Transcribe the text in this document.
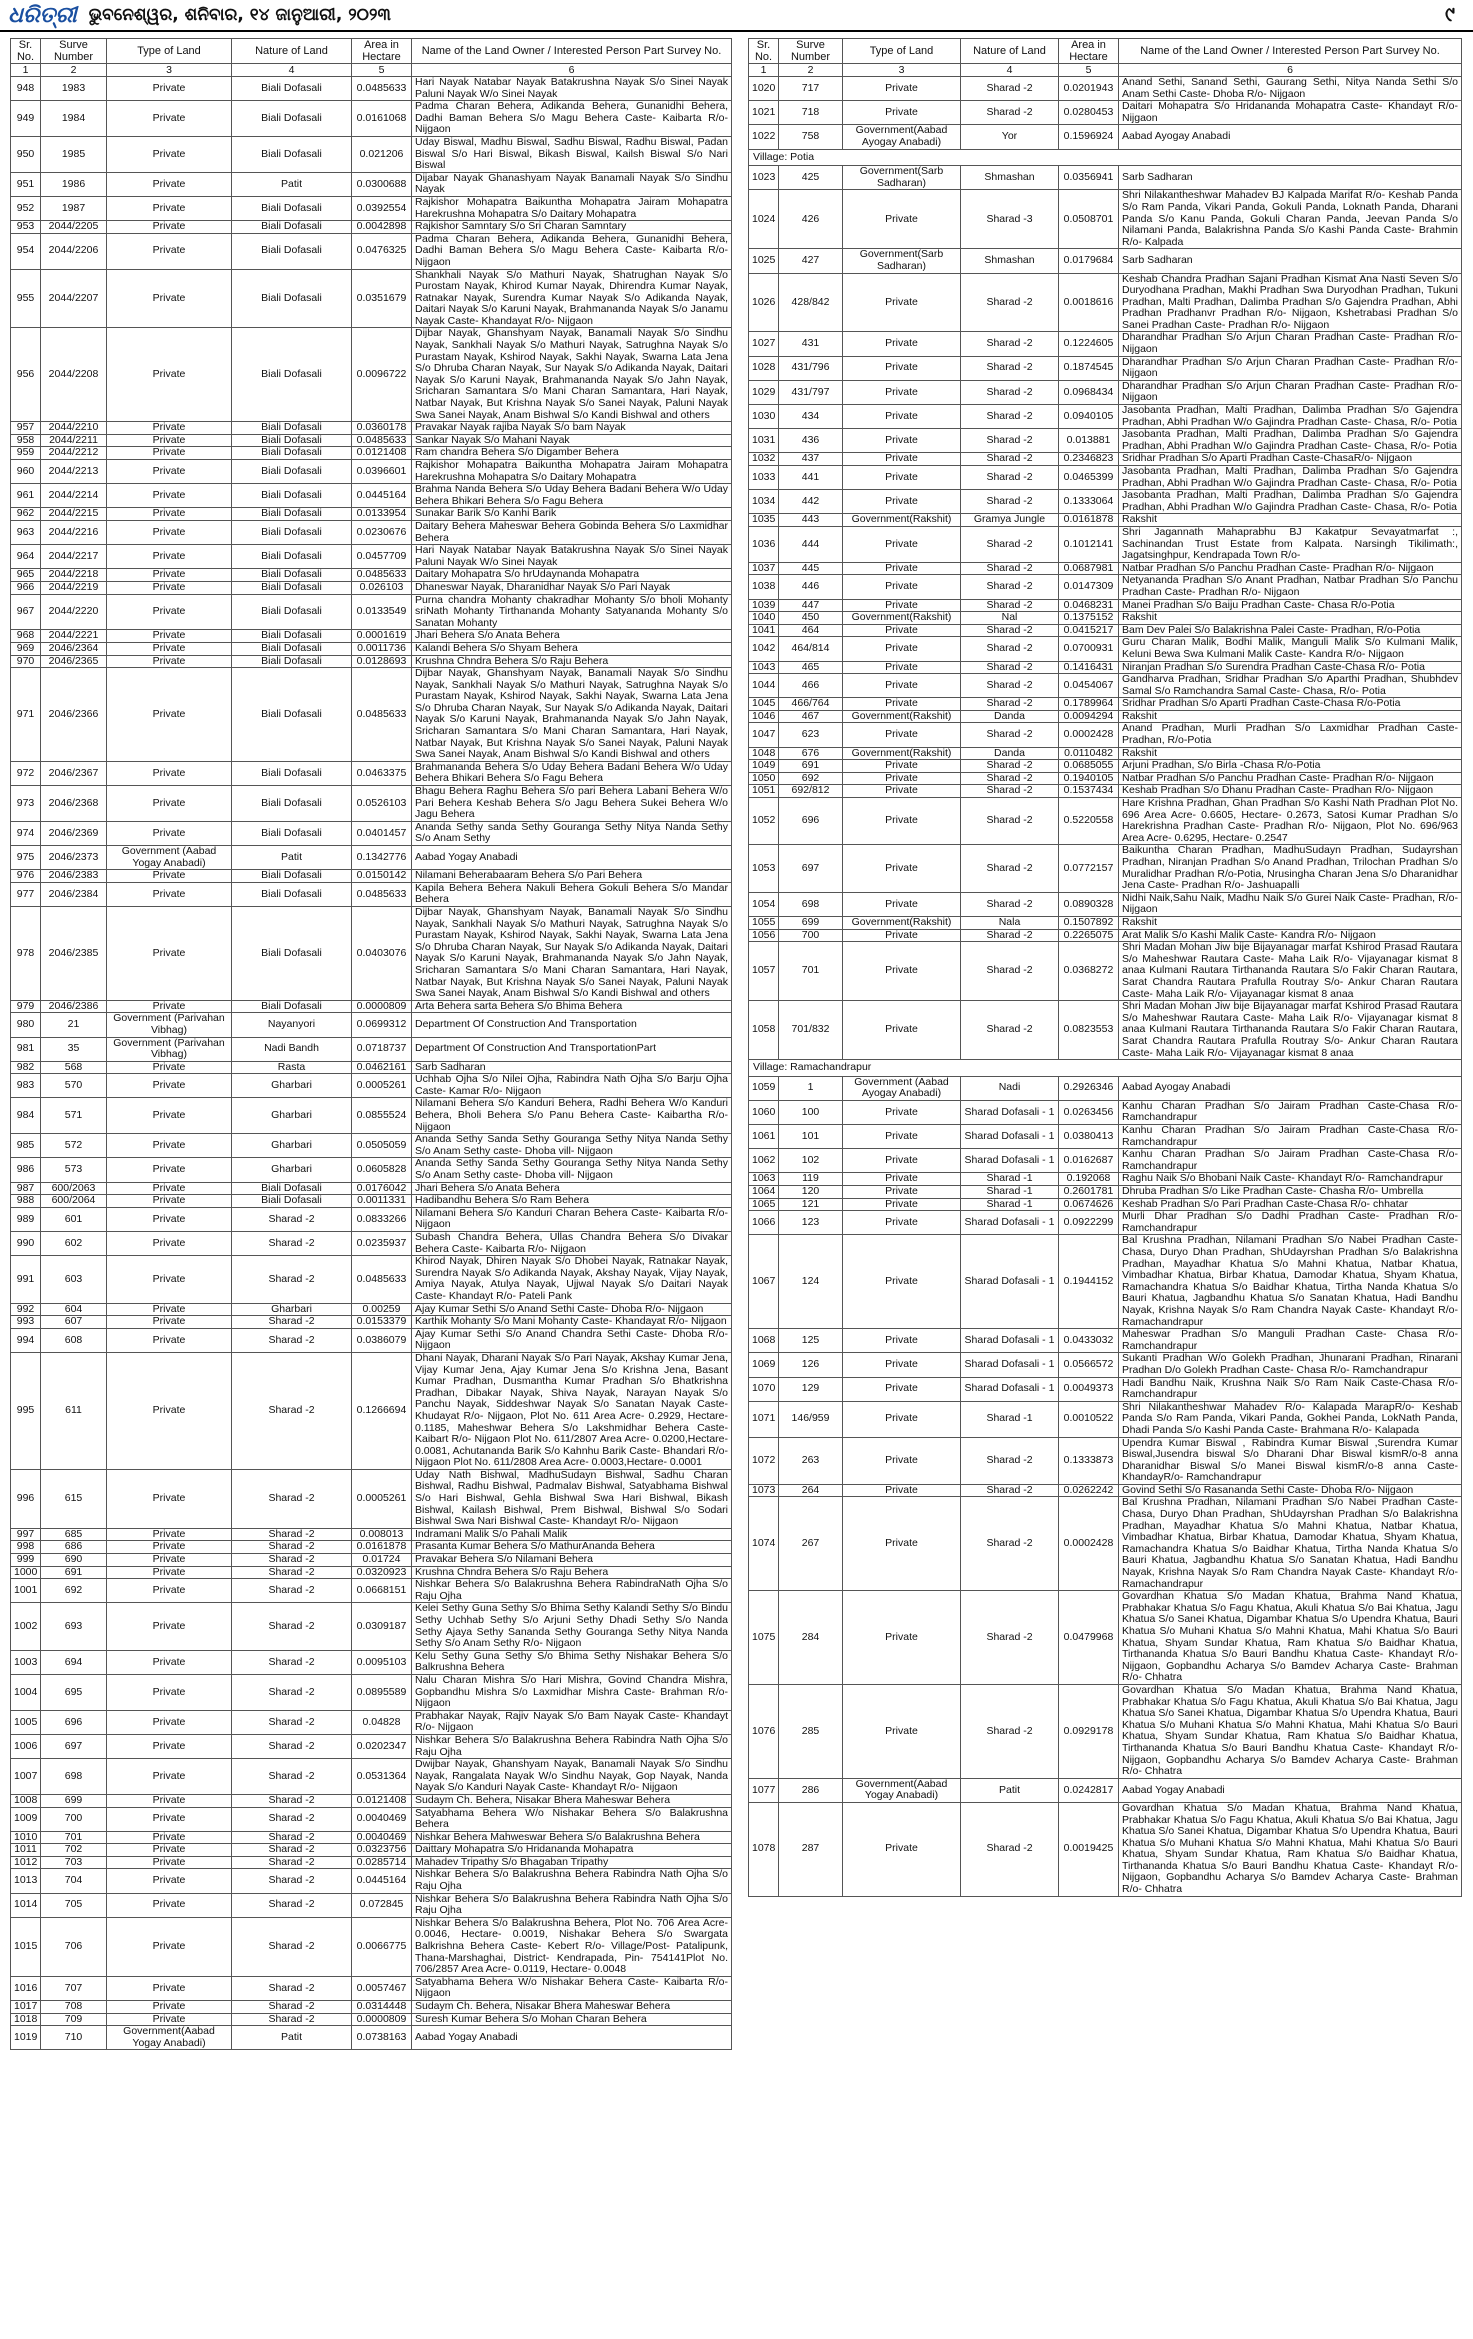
ଧରିତ୍ରୀ ଭୁବନେଶ୍ୱର, ଶନିବାର, ୧୪ ଜାନୁଆରୀ, ୨୦୨୩	୯
Sr. No.	Surve Number	Type of Land	Nature of Land	Area in Hectare	Name of the Land Owner / Interested Person Part Survey No.
1	2	3	4	5	6
948	1983	Private	Biali Dofasali	0.0485633	Hari Nayak Natabar Nayak Batakrushna Nayak S/o Sinei Nayak Paluni Nayak W/o Sinei Nayak
949	1984	Private	Biali Dofasali	0.0161068	Padma Charan Behera, Adikanda Behera, Gunanidhi Behera, Dadhi Baman Behera S/o Magu Behera Caste- Kaibarta R/o- Nijgaon
950	1985	Private	Biali Dofasali	0.021206	Uday Biswal, Madhu Biswal, Sadhu Biswal, Radhu Biswal, Padan Biswal S/o Hari Biswal, Bikash Biswal, Kailsh Biswal S/o Nari Biswal
951	1986	Private	Patit	0.0300688	Dijabar Nayak Ghanashyam Nayak Banamali Nayak S/o Sindhu Nayak
952	1987	Private	Biali Dofasali	0.0392554	Rajkishor Mohapatra Baikuntha Mohapatra Jairam Mohapatra Harekrushna Mohapatra S/o Daitary Mohapatra
953	2044/2205	Private	Biali Dofasali	0.0042898	Rajkishor Samntary S/o Sri Charan Samntary
954	2044/2206	Private	Biali Dofasali	0.0476325	Padma Charan Behera, Adikanda Behera, Gunanidhi Behera, Dadhi Baman Behera S/o Magu Behera Caste- Kaibarta R/o- Nijgaon
955	2044/2207	Private	Biali Dofasali	0.0351679	Shankhali Nayak S/o Mathuri Nayak, Shatrughan Nayak S/o Purostam Nayak, Khirod Kumar Nayak, Dhirendra Kumar Nayak, Ratnakar Nayak, Surendra Kumar Nayak S/o Adikanda Nayak, Daitari Nayak S/o Karuni Nayak, Brahmananda Nayak S/o Janamu Nayak Caste- Khandayat R/o- Nijgaon
956	2044/2208	Private	Biali Dofasali	0.0096722	Dijbar Nayak, Ghanshyam Nayak, Banamali Nayak S/o Sindhu Nayak, Sankhali Nayak S/o Mathuri Nayak, Satrughna Nayak S/o Purastam Nayak, Kshirod Nayak, Sakhi Nayak, Swarna Lata Jena S/o Dhruba Charan Nayak, Sur Nayak S/o Adikanda Nayak, Daitari Nayak S/o Karuni Nayak, Brahmananda Nayak S/o Jahn Nayak, Sricharan Samantara S/o Mani Charan Samantara, Hari Nayak, Natbar Nayak, But Krishna Nayak S/o Sanei Nayak, Paluni Nayak Swa Sanei Nayak, Anam Bishwal S/o Kandi Bishwal and others
957	2044/2210	Private	Biali Dofasali	0.0360178	Pravakar Nayak rajiba Nayak S/o bam Nayak
958	2044/2211	Private	Biali Dofasali	0.0485633	Sankar Nayak S/o Mahani Nayak
959	2044/2212	Private	Biali Dofasali	0.0121408	Ram chandra Behera S/o Digamber Behera
960	2044/2213	Private	Biali Dofasali	0.0396601	Rajkishor Mohapatra Baikuntha Mohapatra Jairam Mohapatra Harekrushna Mohapatra S/o Daitary Mohapatra
961	2044/2214	Private	Biali Dofasali	0.0445164	Brahma Nanda Behera S/o Uday Behera Badani Behera W/o Uday Behera Bhikari Behera S/o Fagu Behera
962	2044/2215	Private	Biali Dofasali	0.0133954	Sunakar Barik S/o Kanhi Barik
963	2044/2216	Private	Biali Dofasali	0.0230676	Daitary Behera Maheswar Behera Gobinda Behera S/o Laxmidhar Behera
964	2044/2217	Private	Biali Dofasali	0.0457709	Hari Nayak Natabar Nayak Batakrushna Nayak S/o Sinei Nayak Paluni Nayak W/o Sinei Nayak
965	2044/2218	Private	Biali Dofasali	0.0485633	Daitary Mohapatra S/o hrUdaynanda Mohapatra
966	2044/2219	Private	Biali Dofasali	0.026103	Dhaneswar Nayak, Dharanidhar Nayak S/o Pari Nayak
967	2044/2220	Private	Biali Dofasali	0.0133549	Purna chandra Mohanty chakradhar Mohanty S/o bholi Mohanty sriNath Mohanty Tirthananda Mohanty Satyananda Mohanty S/o Sanatan Mohanty
968	2044/2221	Private	Biali Dofasali	0.0001619	Jhari Behera S/o Anata Behera
969	2046/2364	Private	Biali Dofasali	0.0011736	Kalandi Behera S/o Shyam Behera
970	2046/2365	Private	Biali Dofasali	0.0128693	Krushna Chndra Behera S/o Raju Behera
971	2046/2366	Private	Biali Dofasali	0.0485633	Dijbar Nayak, Ghanshyam Nayak, Banamali Nayak S/o Sindhu Nayak, Sankhali Nayak S/o Mathuri Nayak, Satrughna Nayak S/o Purastam Nayak, Kshirod Nayak, Sakhi Nayak, Swarna Lata Jena S/o Dhruba Charan Nayak, Sur Nayak S/o Adikanda Nayak, Daitari Nayak S/o Karuni Nayak, Brahmananda Nayak S/o Jahn Nayak, Sricharan Samantara S/o Mani Charan Samantara, Hari Nayak, Natbar Nayak, But Krishna Nayak S/o Sanei Nayak, Paluni Nayak Swa Sanei Nayak, Anam Bishwal S/o Kandi Bishwal and others
972	2046/2367	Private	Biali Dofasali	0.0463375	Brahmananda Behera S/o Uday Behera Badani Behera W/o Uday Behera Bhikari Behera S/o Fagu Behera
973	2046/2368	Private	Biali Dofasali	0.0526103	Bhagu Behera Raghu Behera S/o pari Behera Labani Behera W/o Pari Behera Keshab Behera S/o Jagu Behera Sukei Behera W/o Jagu Behera
974	2046/2369	Private	Biali Dofasali	0.0401457	Ananda Sethy sanda Sethy Gouranga Sethy Nitya Nanda Sethy S/o Anam Sethy
975	2046/2373	Government (Aabad Yogay Anabadi)	Patit	0.1342776	Aabad Yogay Anabadi
976	2046/2383	Private	Biali Dofasali	0.0150142	Nilamani Beherabaaram Behera S/o Pari Behera
977	2046/2384	Private	Biali Dofasali	0.0485633	Kapila Behera Behera Nakuli Behera Gokuli Behera S/o Mandar Behera
978	2046/2385	Private	Biali Dofasali	0.0403076	Dijbar Nayak, Ghanshyam Nayak, Banamali Nayak S/o Sindhu Nayak, Sankhali Nayak S/o Mathuri Nayak, Satrughna Nayak S/o Purastam Nayak, Kshirod Nayak, Sakhi Nayak, Swarna Lata Jena S/o Dhruba Charan Nayak, Sur Nayak S/o Adikanda Nayak, Daitari Nayak S/o Karuni Nayak, Brahmananda Nayak S/o Jahn Nayak, Sricharan Samantara S/o Mani Charan Samantara, Hari Nayak, Natbar Nayak, But Krishna Nayak S/o Sanei Nayak, Paluni Nayak Swa Sanei Nayak, Anam Bishwal S/o Kandi Bishwal and others
979	2046/2386	Private	Biali Dofasali	0.0000809	Arta Behera sarta Behera S/o Bhima Behera
980	21	Government (Parivahan Vibhag)	Nayanyori	0.0699312	Department Of Construction And Transportation
981	35	Government (Parivahan Vibhag)	Nadi Bandh	0.0718737	Department Of Construction And TransportationPart
982	568	Private	Rasta	0.0462161	Sarb Sadharan
983	570	Private	Gharbari	0.0005261	Uchhab Ojha S/o Nilei Ojha, Rabindra Nath Ojha S/o Barju Ojha Caste- Kamar R/o- Nijgaon
984	571	Private	Gharbari	0.0855524	Nilamani Behera S/o Kanduri Behera, Radhi Behera W/o Kanduri Behera, Bholi Behera S/o Panu Behera Caste- Kaibartha R/o- Nijgaon
985	572	Private	Gharbari	0.0505059	Ananda Sethy Sanda Sethy Gouranga Sethy Nitya Nanda Sethy S/o Anam Sethy caste- Dhoba vill- Nijgaon
986	573	Private	Gharbari	0.0605828	Ananda Sethy Sanda Sethy Gouranga Sethy Nitya Nanda Sethy S/o Anam Sethy caste- Dhoba vill- Nijgaon
987	600/2063	Private	Biali Dofasali	0.0176042	Jhari Behera S/o Anata Behera
988	600/2064	Private	Biali Dofasali	0.0011331	Hadibandhu Behera S/o Ram Behera
989	601	Private	Sharad -2	0.0833266	Nilamani Behera S/o Kanduri Charan Behera Caste- Kaibarta R/o- Nijgaon
990	602	Private	Sharad -2	0.0235937	Subash Chandra Behera, Ullas Chandra Behera S/o Divakar Behera Caste- Kaibarta R/o- Nijgaon
991	603	Private	Sharad -2	0.0485633	Khirod Nayak, Dhiren Nayak S/o Dhobei Nayak, Ratnakar Nayak, Surendra Nayak S/o Adikanda Nayak, Akshay Nayak, Vijay Nayak, Amiya Nayak, Atulya Nayak, Ujjwal Nayak S/o Daitari Nayak Caste- Khandayt R/o- Pateli Pank
992	604	Private	Gharbari	0.00259	Ajay Kumar Sethi S/o Anand Sethi Caste- Dhoba R/o- Nijgaon
993	607	Private	Sharad -2	0.0153379	Karthik Mohanty S/o Mani Mohanty Caste- Khandayat R/o- Nijgaon
994	608	Private	Sharad -2	0.0386079	Ajay Kumar Sethi S/o Anand Chandra Sethi Caste- Dhoba R/o- Nijgaon
995	611	Private	Sharad -2	0.1266694	Dhani Nayak, Dharani Nayak S/o Pari Nayak, Akshay Kumar Jena, Vijay Kumar Jena, Ajay Kumar Jena S/o Krishna Jena, Basant Kumar Pradhan, Dusmantha Kumar Pradhan S/o Bhatkrishna Pradhan, Dibakar Nayak, Shiva Nayak, Narayan Nayak S/o Panchu Nayak, Siddeshwar Nayak S/o Sanatan Nayak Caste- Khudayat R/o- Nijgaon, Plot No. 611 Area Acre- 0.2929, Hectare- 0.1185, Maheshwar Behera S/o Lakshmidhar Behera Caste- Kaibart R/o- Nijgaon Plot No. 611/2807 Area Acre- 0.0200,Hectare- 0.0081, Achutananda Barik S/o Kahnhu Barik Caste- Bhandari R/o- Nijgaon Plot No. 611/2808 Area Acre- 0.0003,Hectare- 0.0001
996	615	Private	Sharad -2	0.0005261	Uday Nath Bishwal, MadhuSudayn Bishwal, Sadhu Charan Bishwal, Radhu Bishwal, Padmalav Bishwal, Satyabhama Bishwal S/o Hari Bishwal, Gehla Bishwal Swa Hari Bishwal, Bikash Bishwal, Kailash Bishwal, Prem Bishwal, Bishwal S/o Sodari Bishwal Swa Nari Bishwal Caste- Khandayt R/o- Nijgaon
997	685	Private	Sharad -2	0.008013	Indramani Malik S/o Pahali Malik
998	686	Private	Sharad -2	0.0161878	Prasanta Kumar Behera S/o MathurAnanda Behera
999	690	Private	Sharad -2	0.01724	Pravakar Behera S/o Nilamani Behera
1000	691	Private	Sharad -2	0.0320923	Krushna Chndra Behera S/o Raju Behera
1001	692	Private	Sharad -2	0.0668151	Nishkar Behera S/o Balakrushna Behera RabindraNath Ojha S/o Raju Ojha
1002	693	Private	Sharad -2	0.0309187	Kelei Sethy Guna Sethy S/o Bhima Sethy Kalandi Sethy S/o Bindu Sethy Uchhab Sethy S/o Arjuni Sethy Dhadi Sethy S/o Nanda Sethy Ajaya Sethy Sananda Sethy Gouranga Sethy Nitya Nanda Sethy S/o Anam Sethy R/o- Nijgaon
1003	694	Private	Sharad -2	0.0095103	Kelu Sethy Guna Sethy S/o Bhima Sethy Nishakar Behera S/o Balkrushna Behera
1004	695	Private	Sharad -2	0.0895589	Nalu Charan Mishra S/o Hari Mishra, Govind Chandra Mishra, Gopbandhu Mishra S/o Laxmidhar Mishra Caste- Brahman R/o- Nijgaon
1005	696	Private	Sharad -2	0.04828	Prabhakar Nayak, Rajiv Nayak S/o Bam Nayak Caste- Khandayt R/o- Nijgaon
1006	697	Private	Sharad -2	0.0202347	Nishkar Behera S/o Balakrushna Behera Rabindra Nath Ojha S/o Raju Ojha
1007	698	Private	Sharad -2	0.0531364	Dwijbar Nayak, Ghanshyam Nayak, Banamali Nayak S/o Sindhu Nayak, Rangalata Nayak W/o Sindhu Nayak, Gop Nayak, Nanda Nayak S/o Kanduri Nayak Caste- Khandayt R/o- Nijgaon
1008	699	Private	Sharad -2	0.0121408	Sudaym Ch. Behera, Nisakar Bhera Maheswar Behera
1009	700	Private	Sharad -2	0.0040469	Satyabhama Behera W/o Nishakar Behera S/o Balakrushna Behera
1010	701	Private	Sharad -2	0.0040469	Nishkar Behera Mahweswar Behera S/o Balakrushna Behera
1011	702	Private	Sharad -2	0.0323756	Daittary Mohapatra S/o Hridananda Mohapatra
1012	703	Private	Sharad -2	0.0285714	Mahadev Tripathy S/o Bhagaban Tripathy
1013	704	Private	Sharad -2	0.0445164	Nishkar Behera S/o Balakrushna Behera Rabindra Nath Ojha S/o Raju Ojha
1014	705	Private	Sharad -2	0.072845	Nishkar Behera S/o Balakrushna Behera Rabindra Nath Ojha S/o Raju Ojha
1015	706	Private	Sharad -2	0.0066775	Nishkar Behera S/o Balakrushna Behera, Plot No. 706 Area Acre- 0.0046, Hectare- 0.0019, Nishakar Behera S/o Swargata Balkrishna Behera Caste- Kebert R/o- Village/Post- Patalipunk, Thana-Marshaghai, District- Kendrapada, Pin- 754141Plot No. 706/2857 Area Acre- 0.0119, Hectare- 0.0048
1016	707	Private	Sharad -2	0.0057467	Satyabhama Behera W/o Nishakar Behera Caste- Kaibarta R/o- Nijgaon
1017	708	Private	Sharad -2	0.0314448	Sudaym Ch. Behera, Nisakar Bhera Maheswar Behera
1018	709	Private	Sharad -2	0.0000809	Suresh Kumar Behera S/o Mohan Charan Behera
1019	710	Government(Aabad Yogay Anabadi)	Patit	0.0738163	Aabad Yogay Anabadi
Sr. No.	Surve Number	Type of Land	Nature of Land	Area in Hectare	Name of the Land Owner / Interested Person Part Survey No.
1	2	3	4	5	6
1020	717	Private	Sharad -2	0.0201943	Anand Sethi, Sanand Sethi, Gaurang Sethi, Nitya Nanda Sethi S/o Anam Sethi Caste- Dhoba R/o- Nijgaon
1021	718	Private	Sharad -2	0.0280453	Daitari Mohapatra S/o Hridananda Mohapatra Caste- Khandayt R/o- Nijgaon
1022	758	Government(Aabad Ayogay Anabadi)	Yor	0.1596924	Aabad Ayogay Anabadi
Village: Potia					
1023	425	Government(Sarb Sadharan)	Shmashan	0.0356941	Sarb Sadharan
1024	426	Private	Sharad -3	0.0508701	Shri Nilakantheshwar Mahadev BJ Kalpada Marifat R/o- Keshab Panda S/o Ram Panda, Vikari Panda, Gokuli Panda, Loknath Panda, Dharani Panda S/o Kanu Panda, Gokuli Charan Panda, Jeevan Panda S/o Nilamani Panda, Balakrishna Panda S/o Kashi Panda Caste- Brahmin R/o- Kalpada
1025	427	Government(Sarb Sadharan)	Shmashan	0.0179684	Sarb Sadharan
1026	428/842	Private	Sharad -2	0.0018616	Keshab Chandra Pradhan Sajani Pradhan Kismat Ana Nasti Seven S/o Duryodhana Pradhan, Makhi Pradhan Swa Duryodhan Pradhan, Tukuni Pradhan, Malti Pradhan, Dalimba Pradhan S/o Gajendra Pradhan, Abhi Pradhan Pradhanvr Pradhan R/o- Nijgaon, Kshetrabasi Pradhan S/o Sanei Pradhan Caste- Pradhan R/o- Nijgaon
1027	431	Private	Sharad -2	0.1224605	Dharandhar Pradhan S/o Arjun Charan Pradhan Caste- Pradhan R/o- Nijgaon
1028	431/796	Private	Sharad -2	0.1874545	Dharandhar Pradhan S/o Arjun Charan Pradhan Caste- Pradhan R/o- Nijgaon
1029	431/797	Private	Sharad -2	0.0968434	Dharandhar Pradhan S/o Arjun Charan Pradhan Caste- Pradhan R/o- Nijgaon
1030	434	Private	Sharad -2	0.0940105	Jasobanta Pradhan, Malti Pradhan, Dalimba Pradhan S/o Gajendra Pradhan, Abhi Pradhan W/o Gajindra Pradhan Caste- Chasa, R/o- Potia
1031	436	Private	Sharad -2	0.013881	Jasobanta Pradhan, Malti Pradhan, Dalimba Pradhan S/o Gajendra Pradhan, Abhi Pradhan W/o Gajindra Pradhan Caste- Chasa, R/o- Potia
1032	437	Private	Sharad -2	0.2346823	Sridhar Pradhan S/o Aparti Pradhan Caste-ChasaR/o- Nijgaon
1033	441	Private	Sharad -2	0.0465399	Jasobanta Pradhan, Malti Pradhan, Dalimba Pradhan S/o Gajendra Pradhan, Abhi Pradhan W/o Gajindra Pradhan Caste- Chasa, R/o- Potia
1034	442	Private	Sharad -2	0.1333064	Jasobanta Pradhan, Malti Pradhan, Dalimba Pradhan S/o Gajendra Pradhan, Abhi Pradhan W/o Gajindra Pradhan Caste- Chasa, R/o- Potia
1035	443	Government(Rakshit)	Gramya Jungle	0.0161878	Rakshit
1036	444	Private	Sharad -2	0.1012141	Shri Jagannath Mahaprabhu BJ Kakatpur Sevayatmarfat :, Sachinandan Trust Estate from Kalpata. Narsingh Tikilimath:, Jagatsinghpur, Kendrapada Town R/o-
1037	445	Private	Sharad -2	0.0687981	Natbar Pradhan S/o Panchu Pradhan Caste- Pradhan R/o- Nijgaon
1038	446	Private	Sharad -2	0.0147309	Netyananda Pradhan S/o Anant Pradhan, Natbar Pradhan S/o Panchu Pradhan Caste- Pradhan R/o- Nijgaon
1039	447	Private	Sharad -2	0.0468231	Manei Pradhan S/o Baiju Pradhan Caste- Chasa R/o-Potia
1040	450	Government(Rakshit)	Nal	0.1375152	Rakshit
1041	464	Private	Sharad -2	0.0415217	Bam Dev Palei S/o Balakrishna Palei Caste- Pradhan, R/o-Potia
1042	464/814	Private	Sharad -2	0.0700931	Guru Charan Malik, Bodhi Malik, Manguli Malik S/o Kulmani Malik, Kelunі Bewa Swa Kulmani Malik Caste- Kandra R/o- Nijgaon
1043	465	Private	Sharad -2	0.1416431	Niranjan Pradhan S/o Surendra Pradhan Caste-Chasa R/o- Potia
1044	466	Private	Sharad -2	0.0454067	Gandharva Pradhan, Sridhar Pradhan S/o Aparthi Pradhan, Shubhdev Samal S/o Ramchandra Samal Caste- Chasa, R/o- Potia
1045	466/764	Private	Sharad -2	0.1789964	Sridhar Pradhan S/o Aparti Pradhan Caste-Chasa R/o-Potia
1046	467	Government(Rakshit)	Danda	0.0094294	Rakshit
1047	623	Private	Sharad -2	0.0002428	Anand Pradhan, Murli Pradhan S/o Laxmidhar Pradhan Caste- Pradhan, R/o-Potia
1048	676	Government(Rakshit)	Danda	0.0110482	Rakshit
1049	691	Private	Sharad -2	0.0685055	Arjuni Pradhan, S/o Birla -Chasa R/o-Potia
1050	692	Private	Sharad -2	0.1940105	Natbar Pradhan S/o Panchu Pradhan Caste- Pradhan R/o- Nijgaon
1051	692/812	Private	Sharad -2	0.1537434	Keshab Pradhan S/o Dhanu Pradhan Caste- Pradhan R/o- Nijgaon
1052	696	Private	Sharad -2	0.5220558	Hare Krishna Pradhan, Ghan Pradhan S/o Kashi Nath Pradhan Plot No. 696 Area Acre- 0.6605, Hectare- 0.2673, Satosi Kumar Pradhan S/o Harekrishna Pradhan Caste- Pradhan R/o- Nijgaon, Plot No. 696/963 Area Acre- 0.6295, Hectare- 0.2547
1053	697	Private	Sharad -2	0.0772157	Baikuntha Charan Pradhan, MadhuSudayn Pradhan, Sudayrshan Pradhan, Niranjan Pradhan S/o Anand Pradhan, Trilochan Pradhan S/o Muralidhar Pradhan R/o-Potia, Nrusingha Charan Jena S/o Dharanidhar Jena Caste- Pradhan R/o- Jashuapalli
1054	698	Private	Sharad -2	0.0890328	Nidhi Naik,Sahu Naik, Madhu Naik S/o Gurei Naik Caste- Pradhan, R/o- Nijgaon
1055	699	Government(Rakshit)	Nala	0.1507892	Rakshit
1056	700	Private	Sharad -2	0.2265075	Arat Malik S/o Kashi Malik Caste- Kandra R/o- Nijgaon
1057	701	Private	Sharad -2	0.0368272	Shri Madan Mohan Jiw bije Bijayanagar marfat Kshirod Prasad Rautara S/o Maheshwar Rautara Caste- Maha Laik R/o- Vijayanagar kismat 8 anaa Kulmani Rautara Tirthananda Rautara S/o Fakir Charan Rautara, Sarat Chandra Rautara Prafulla Routray S/o- Ankur Charan Rautara Caste- Maha Laik R/o- Vijayanagar kismat 8 anaa
1058	701/832	Private	Sharad -2	0.0823553	Shri Madan Mohan Jiw bije Bijayanagar marfat Kshirod Prasad Rautara S/o Maheshwar Rautara Caste- Maha Laik R/o- Vijayanagar kismat 8 anaa Kulmani Rautara Tirthananda Rautara S/o Fakir Charan Rautara, Sarat Chandra Rautara Prafulla Routray S/o- Ankur Charan Rautara Caste- Maha Laik R/o- Vijayanagar kismat 8 anaa
Village: Ramachandrapur					
1059	1	Government (Aabad Ayogay Anabadi)	Nadi	0.2926346	Aabad Ayogay Anabadi
1060	100	Private	Sharad Dofasali - 1	0.0263456	Kanhu Charan Pradhan S/o Jairam Pradhan Caste-Chasa R/o- Ramchandrapur
1061	101	Private	Sharad Dofasali - 1	0.0380413	Kanhu Charan Pradhan S/o Jairam Pradhan Caste-Chasa R/o- Ramchandrapur
1062	102	Private	Sharad Dofasali - 1	0.0162687	Kanhu Charan Pradhan S/o Jairam Pradhan Caste-Chasa R/o- Ramchandrapur
1063	119	Private	Sharad -1	0.192068	Raghu Naik S/o Bhobani Naik Caste- Khandayt R/o- Ramchandrapur
1064	120	Private	Sharad -1	0.2601781	Dhruba Pradhan S/o Like Pradhan Caste- Chasha R/o- Umbrella
1065	121	Private	Sharad -1	0.0674626	Keshab Pradhan S/o Pari Pradhan Caste-Chasa R/o- chhatar
1066	123	Private	Sharad Dofasali - 1	0.0922299	Murli Dhar Pradhan S/o Dadhi Pradhan Caste- Pradhan R/o- Ramchandrapur
1067	124	Private	Sharad Dofasali - 1	0.1944152	Bal Krushna Pradhan, Nilamani Pradhan S/o Nabei Pradhan Caste-Chasa, Duryo Dhan Pradhan, ShUdayrshan Pradhan S/o Balakrishna Pradhan, Mayadhar Khatua S/o Mahni Khatua, Natbar Khatua, Vimbadhar Khatua, Birbar Khatua, Damodar Khatua, Shyam Khatua, Ramachandra Khatua S/o Baidhar Khatua, Tirtha Nanda Khatua S/o Bauri Khatua, Jagbandhu Khatua S/o Sanatan Khatua, Hadi Bandhu Nayak, Krishna Nayak S/o Ram Chandra Nayak Caste- Khandayt R/o- Ramachandrapur
1068	125	Private	Sharad Dofasali - 1	0.0433032	Maheswar Pradhan S/o Manguli Pradhan Caste- Chasa R/o- Ramchandrapur
1069	126	Private	Sharad Dofasali - 1	0.0566572	Sukanti Pradhan W/o Golekh Pradhan, Jhunarani Pradhan, Rinarani Pradhan D/o Golekh Pradhan Caste- Chasa R/o- Ramchandrapur
1070	129	Private	Sharad Dofasali - 1	0.0049373	Hadi Bandhu Naik, Krushna Naik S/o Ram Naik Caste-Chasa R/o- Ramchandrapur
1071	146/959	Private	Sharad -1	0.0010522	Shri Nilakantheshwar Mahadev R/o- Kalapada MarapR/o- Keshab Panda S/o Ram Panda, Vikari Panda, Gokhei Panda, LokNath Panda, Dhadi Panda S/o Kashi Panda Caste- Brahmana R/o- Kalapada
1072	263	Private	Sharad -2	0.1333873	Upendra Kumar Biswal , Rabindra Kumar Biswal ,Surendra Kumar Biswal,Jusendra biswal S/o Dharani Dhar Biswal kismR/o-8 anna Dharanidhar Biswal S/o Manei Biswal kismR/o-8 anna Caste- KhandayR/o- Ramchandrapur
1073	264	Private	Sharad -2	0.0262242	Govind Sethi S/o Rasananda Sethi Caste- Dhoba R/o- Nijgaon
1074	267	Private	Sharad -2	0.0002428	Bal Krushna Pradhan, Nilamani Pradhan S/o Nabei Pradhan Caste-Chasa, Duryo Dhan Pradhan, ShUdayrshan Pradhan S/o Balakrishna Pradhan, Mayadhar Khatua S/o Mahni Khatua, Natbar Khatua, Vimbadhar Khatua, Birbar Khatua, Damodar Khatua, Shyam Khatua, Ramachandra Khatua S/o Baidhar Khatua, Tirtha Nanda Khatua S/o Bauri Khatua, Jagbandhu Khatua S/o Sanatan Khatua, Hadi Bandhu Nayak, Krishna Nayak S/o Ram Chandra Nayak Caste- Khandayt R/o- Ramachandrapur
1075	284	Private	Sharad -2	0.0479968	Govardhan Khatua S/o Madan Khatua, Brahma Nand Khatua, Prabhakar Khatua S/o Fagu Khatua, Akuli Khatua S/o Bai Khatua, Jagu Khatua S/o Sanei Khatua, Digambar Khatua S/o Upendra Khatua, Bauri Khatua S/o Muhani Khatua S/o Mahni Khatua, Mahi Khatua S/o Bauri Khatua, Shyam Sundar Khatua, Ram Khatua S/o Baidhar Khatua, Tirthananda Khatua S/o Bauri Bandhu Khatua Caste- Khandayt R/o- Nijgaon, Gopbandhu Acharya S/o Bamdev Acharya Caste- Brahman R/o- Chhatra
1076	285	Private	Sharad -2	0.0929178	Govardhan Khatua S/o Madan Khatua, Brahma Nand Khatua, Prabhakar Khatua S/o Fagu Khatua, Akuli Khatua S/o Bai Khatua, Jagu Khatua S/o Sanei Khatua, Digambar Khatua S/o Upendra Khatua, Bauri Khatua S/o Muhani Khatua S/o Mahni Khatua, Mahi Khatua S/o Bauri Khatua, Shyam Sundar Khatua, Ram Khatua S/o Baidhar Khatua, Tirthananda Khatua S/o Bauri Bandhu Khatua Caste- Khandayt R/o- Nijgaon, Gopbandhu Acharya S/o Bamdev Acharya Caste- Brahman R/o- Chhatra
1077	286	Government(Aabad Yogay Anabadi)	Patit	0.0242817	Aabad Yogay Anabadi
1078	287	Private	Sharad -2	0.0019425	Govardhan Khatua S/o Madan Khatua, Brahma Nand Khatua, Prabhakar Khatua S/o Fagu Khatua, Akuli Khatua S/o Bai Khatua, Jagu Khatua S/o Sanei Khatua, Digambar Khatua S/o Upendra Khatua, Bauri Khatua S/o Muhani Khatua S/o Mahni Khatua, Mahi Khatua S/o Bauri Khatua, Shyam Sundar Khatua, Ram Khatua S/o Baidhar Khatua, Tirthananda Khatua S/o Bauri Bandhu Khatua Caste- Khandayt R/o- Nijgaon, Gopbandhu Acharya S/o Bamdev Acharya Caste- Brahman R/o- Chhatra
